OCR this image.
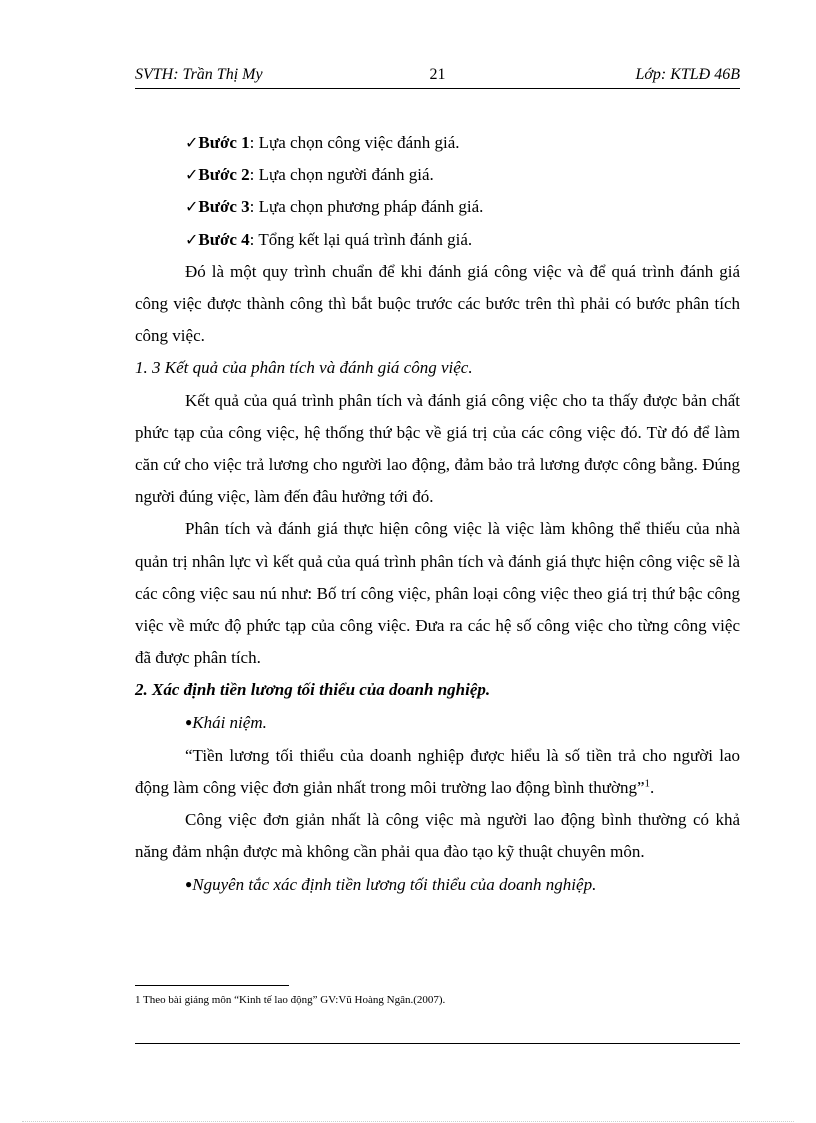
SVTH: Trần Thị My	21	Lớp: KTLĐ 46B

✓Bước 1: Lựa chọn công việc đánh giá.

✓Bước 2: Lựa chọn người đánh giá.

✓Bước 3: Lựa chọn phương pháp đánh giá.

✓Bước 4: Tổng kết lại quá trình đánh giá.

Đó là một quy trình chuẩn để khi đánh giá công việc và để quá trình đánh giá công việc được thành công thì bắt buộc trước các bước trên thì phải có bước phân tích công việc.

1. 3 Kết quả của phân tích và đánh giá công việc.

Kết quả của quá trình phân tích và đánh giá công việc cho ta thấy được bản chất phức tạp của công việc, hệ thống thứ bậc về giá trị của các công việc đó. Từ đó để làm căn cứ cho việc trả lương cho người lao động, đảm bảo trả lương được công bằng. Đúng người đúng việc, làm đến đâu hưởng tới đó.

Phân tích và đánh giá thực hiện công việc là việc làm không thể thiếu của nhà quản trị nhân lực vì kết quả của quá trình phân tích và đánh giá thực hiện công việc sẽ là các công việc sau nú như: Bố trí công việc, phân loại công việc theo giá trị thứ bậc công việc về mức độ phức tạp của công việc. Đưa ra các hệ số công việc cho từng công việc đã được phân tích.

2. Xác định tiền lương tối thiểu của doanh nghiệp.

●Khái niệm.

“Tiền lương tối thiểu của doanh nghiệp được hiểu là số tiền trả cho người lao động làm công việc đơn giản nhất trong môi trường lao động bình thường”$^1$.

Công việc đơn giản nhất là công việc mà người lao động bình thường có khả năng đảm nhận được mà không cần phải qua đào tạo kỹ thuật chuyên môn.

●Nguyên tắc xác định tiền lương tối thiểu của doanh nghiệp.

1 Theo bài giảng môn “Kinh tế lao động” GV:Vũ Hoàng Ngân.(2007).
